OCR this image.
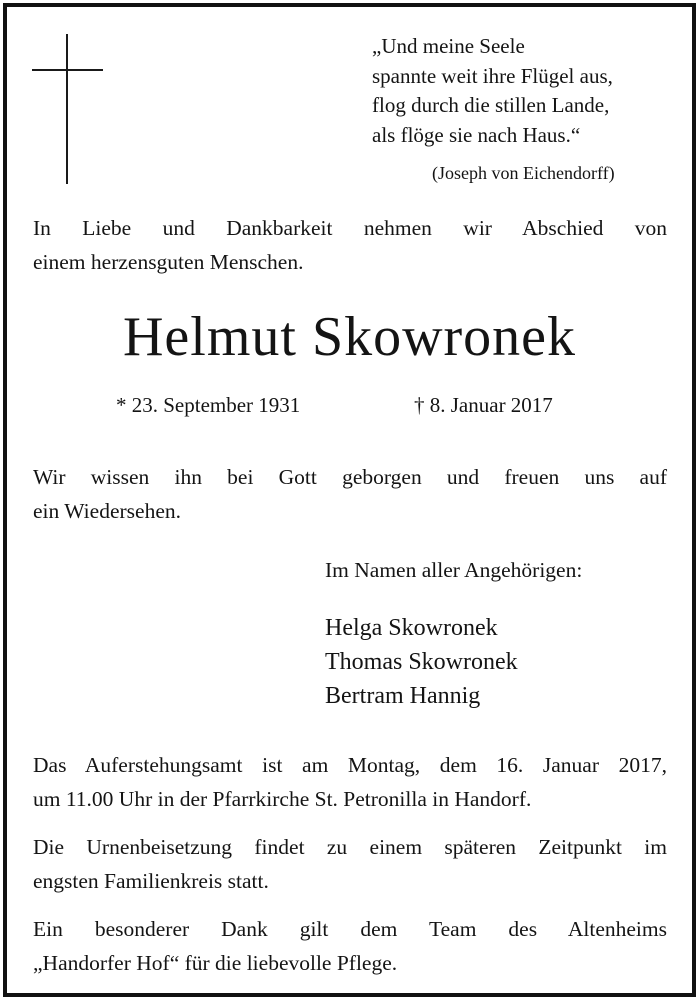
„Und meine Seele
spannte weit ihre Flügel aus,
flog durch die stillen Lande,
als flöge sie nach Haus.“
(Joseph von Eichendorff)
In Liebe und Dankbarkeit nehmen wir Abschied von
einem herzensguten Menschen.
Helmut Skowronek
* 23. September 1931	† 8. Januar 2017
Wir wissen ihn bei Gott geborgen und freuen uns auf
ein Wiedersehen.
Im Namen aller Angehörigen:
Helga Skowronek
Thomas Skowronek
Bertram Hannig
Das Auferstehungsamt ist am Montag, dem 16. Januar 2017,
um 11.00 Uhr in der Pfarrkirche St. Petronilla in Handorf.
Die Urnenbeisetzung findet zu einem späteren Zeitpunkt im
engsten Familienkreis statt.
Ein besonderer Dank gilt dem Team des Altenheims
„Handorfer Hof“ für die liebevolle Pflege.
